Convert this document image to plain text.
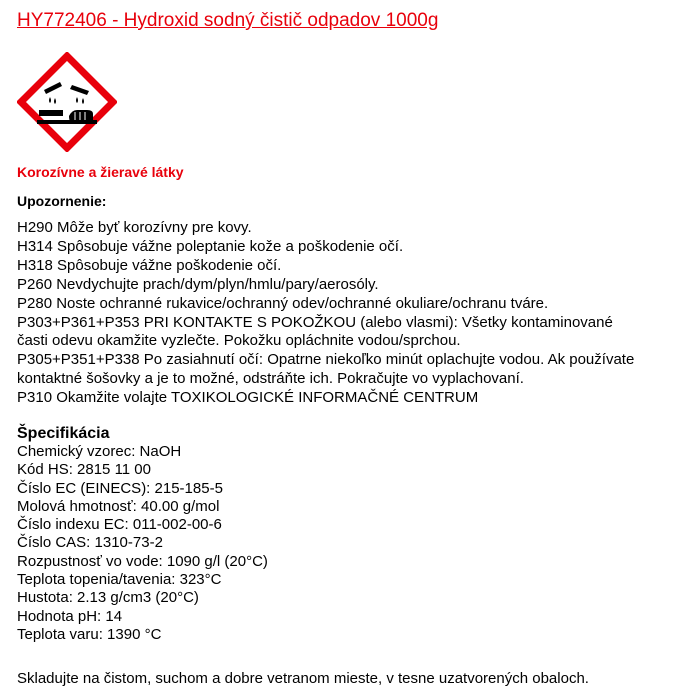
HY772406 - Hydroxid sodný čistič odpadov 1000g
Korozívne a žieravé látky
Upozornenie:
H290 Môže byť korozívny pre kovy.
H314 Spôsobuje vážne poleptanie kože a poškodenie očí.
H318 Spôsobuje vážne poškodenie očí.
P260 Nevdychujte prach/dym/plyn/hmlu/pary/aerosóly.
P280 Noste ochranné rukavice/ochranný odev/ochranné okuliare/ochranu tváre.
P303+P361+P353 PRI KONTAKTE S POKOŽKOU (alebo vlasmi): Všetky kontaminované
časti odevu okamžite vyzlečte. Pokožku opláchnite vodou/sprchou.
P305+P351+P338 Po zasiahnutí očí: Opatrne niekoľko minút oplachujte vodou. Ak používate
kontaktné šošovky a je to možné, odstráňte ich. Pokračujte vo vyplachovaní.
P310 Okamžite volajte TOXIKOLOGICKÉ INFORMAČNÉ CENTRUM
Špecifikácia
Chemický vzorec: NaOH
Kód HS: 2815 11 00
Číslo EC (EINECS): 215-185-5
Molová hmotnosť: 40.00 g/mol
Číslo indexu EC: 011-002-00-6
Číslo CAS: 1310-73-2
Rozpustnosť vo vode: 1090 g/l (20°C)
Teplota topenia/tavenia: 323°C
Hustota: 2.13 g/cm3 (20°C)
Hodnota pH: 14
Teplota varu: 1390 °C
Skladujte na čistom, suchom a dobre vetranom mieste, v tesne uzatvorených obaloch.
